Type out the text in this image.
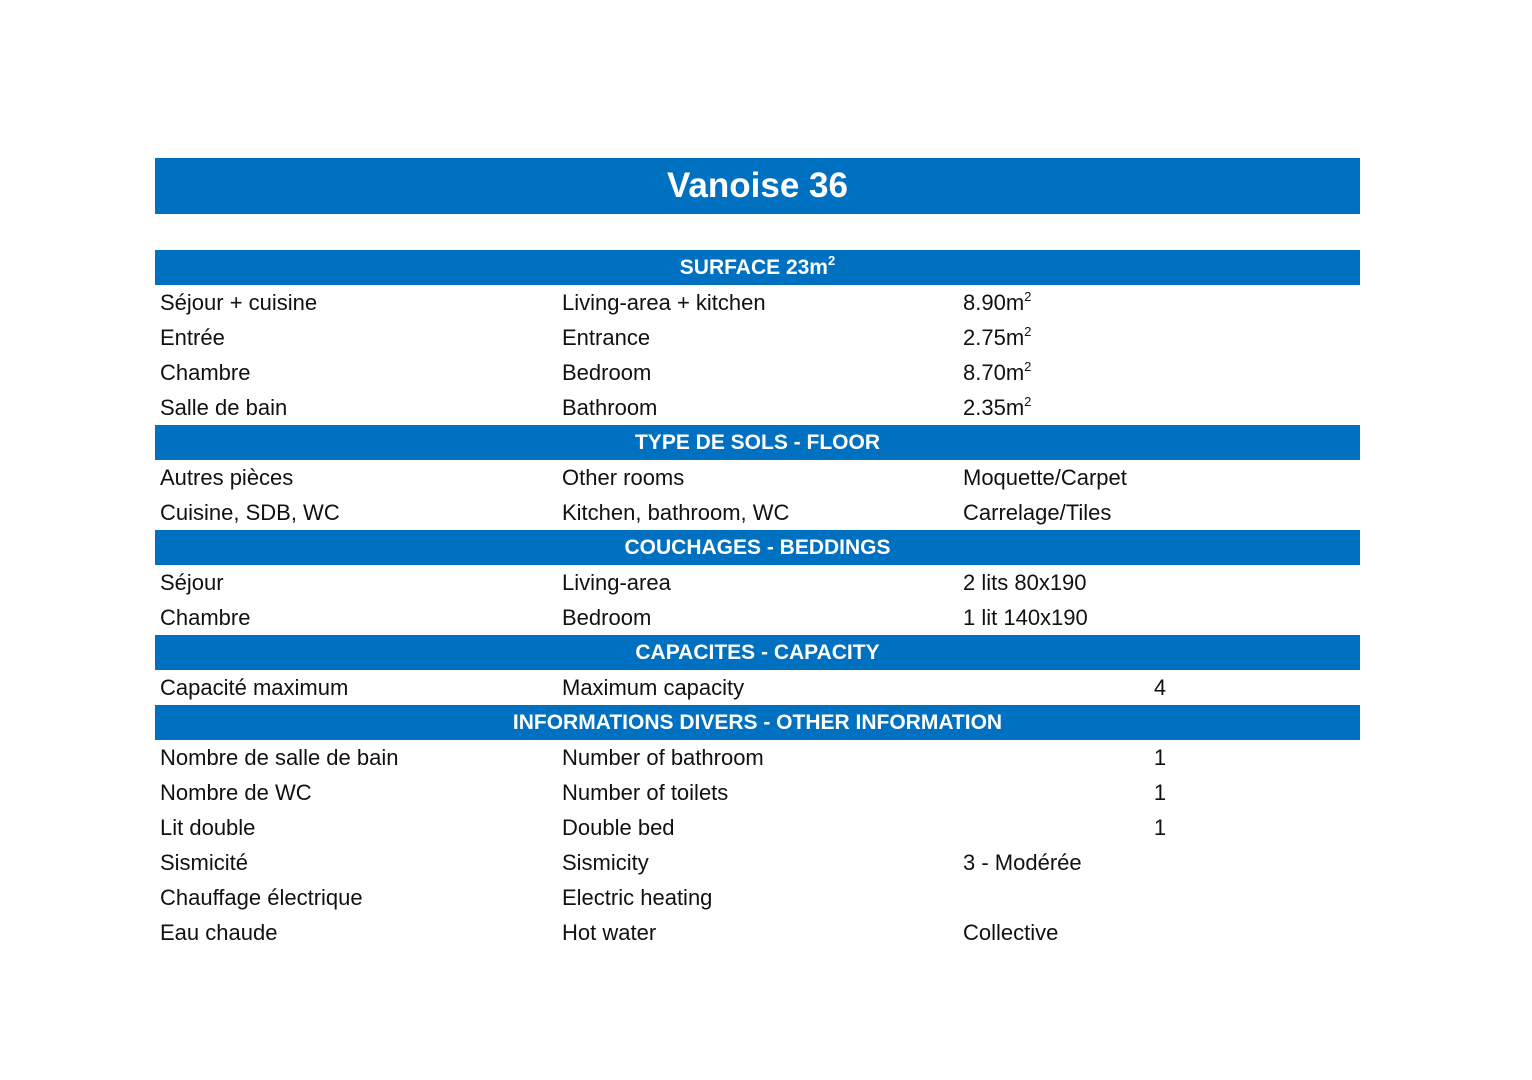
Vanoise 36
SURFACE $23m^2$
Séjour + cuisine	Living-area + kitchen	$8.90m^2$
Entrée	Entrance	$2.75m^2$
Chambre	Bedroom	$8.70m^2$
Salle de bain	Bathroom	$2.35m^2$
TYPE DE SOLS - FLOOR
Autres pièces	Other rooms	Moquette/Carpet
Cuisine, SDB, WC	Kitchen, bathroom, WC	Carrelage/Tiles
COUCHAGES - BEDDINGS
Séjour	Living-area	2 lits 80x190
Chambre	Bedroom	1 lit 140x190
CAPACITES - CAPACITY
Capacité maximum	Maximum capacity	4
INFORMATIONS DIVERS - OTHER INFORMATION
Nombre de salle de bain	Number of bathroom	1
Nombre de WC	Number of toilets	1
Lit double	Double bed	1
Sismicité	Sismicity	3 - Modérée
Chauffage électrique	Electric heating
Eau chaude	Hot water	Collective
